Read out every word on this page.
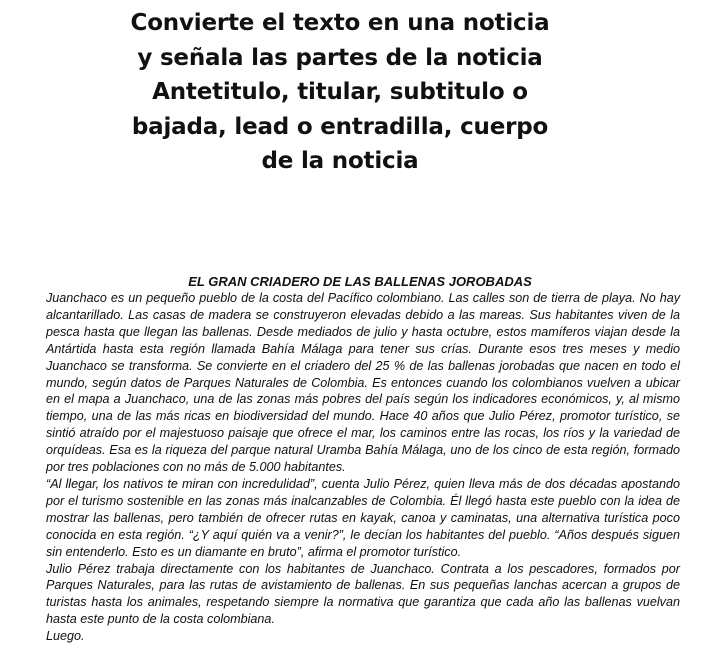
Convierte el texto en una noticia
y señala las partes de la noticia
Antetitulo, titular, subtitulo o
bajada, lead o entradilla, cuerpo
de la noticia
EL GRAN CRIADERO DE LAS BALLENAS JOROBADAS

Juanchaco es un pequeño pueblo de la costa del Pacífico colombiano. Las calles son de tierra de playa. No hay alcantarillado. Las casas de madera se construyeron elevadas debido a las mareas. Sus habitantes viven de la pesca hasta que llegan las ballenas. Desde mediados de julio y hasta octubre, estos mamíferos viajan desde la Antártida hasta esta región llamada Bahía Málaga para tener sus crías. Durante esos tres meses y medio Juanchaco se transforma. Se convierte en el criadero del 25 % de las ballenas jorobadas que nacen en todo el mundo, según datos de Parques Naturales de Colombia. Es entonces cuando los colombianos vuelven a ubicar en el mapa a Juanchaco, una de las zonas más pobres del país según los indicadores económicos, y, al mismo tiempo, una de las más ricas en biodiversidad del mundo. Hace 40 años que Julio Pérez, promotor turístico, se sintió atraído por el majestuoso paisaje que ofrece el mar, los caminos entre las rocas, los ríos y la variedad de orquídeas. Esa es la riqueza del parque natural Uramba Bahía Málaga, uno de los cinco de esta región, formado por tres poblaciones con no más de 5.000 habitantes.

“Al llegar, los nativos te miran con incredulidad”, cuenta Julio Pérez, quien lleva más de dos décadas apostando por el turismo sostenible en las zonas más inalcanzables de Colombia. Él llegó hasta este pueblo con la idea de mostrar las ballenas, pero también de ofrecer rutas en kayak, canoa y caminatas, una alternativa turística poco conocida en esta región. “¿Y aquí quién va a venir?”, le decían los habitantes del pueblo. “Años después siguen sin entenderlo. Esto es un diamante en bruto”, afirma el promotor turístico.

Julio Pérez trabaja directamente con los habitantes de Juanchaco. Contrata a los pescadores, formados por Parques Naturales, para las rutas de avistamiento de ballenas. En sus pequeñas lanchas acercan a grupos de turistas hasta los animales, respetando siempre la normativa que garantiza que cada año las ballenas vuelvan hasta este punto de la costa colombiana.

Luego.
